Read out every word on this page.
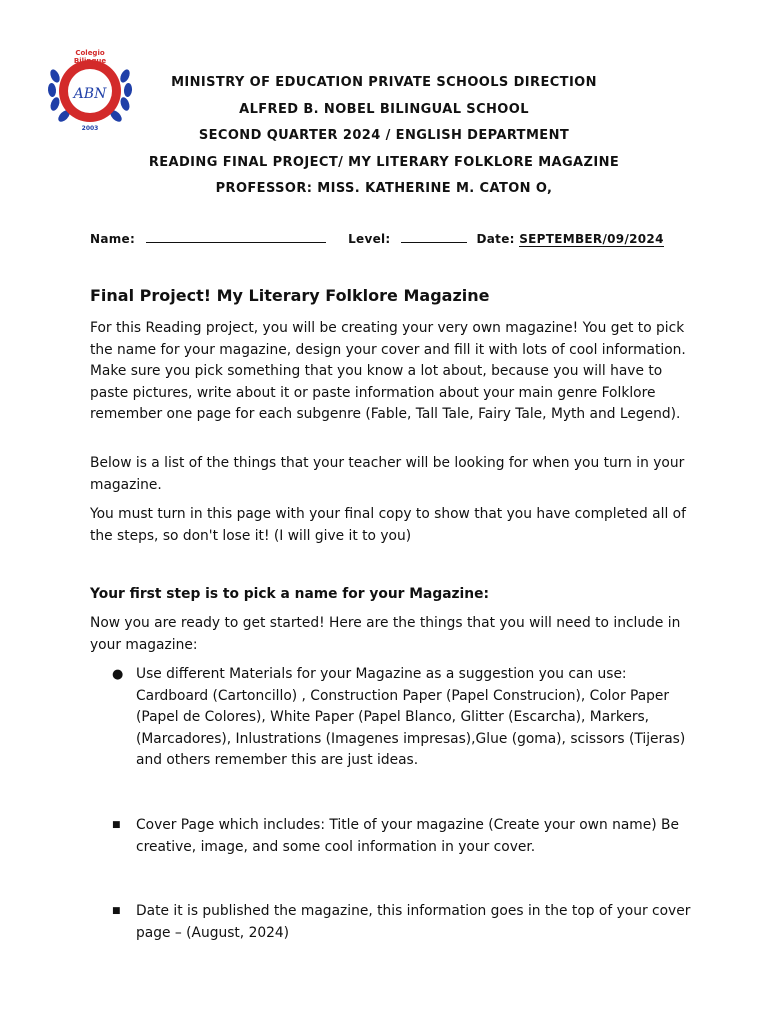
Colegio
Bilingue
ABN
2003
MINISTRY OF EDUCATION PRIVATE SCHOOLS DIRECTION
ALFRED B. NOBEL BILINGUAL SCHOOL
SECOND QUARTER 2024 / ENGLISH DEPARTMENT
READING FINAL PROJECT/ MY LITERARY FOLKLORE MAGAZINE
PROFESSOR: MISS. KATHERINE M. CATON O,
Name:	Level:	Date: SEPTEMBER/09/2024
Final Project! My Literary Folklore Magazine

For this Reading project, you will be creating your very own magazine! You get to pick the name for your magazine, design your cover and fill it with lots of cool information. Make sure you pick something that you know a lot about, because you will have to paste pictures, write about it or paste information about your main genre Folklore remember one page for each subgenre (Fable, Tall Tale, Fairy Tale, Myth and Legend).

Below is a list of the things that your teacher will be looking for when you turn in your magazine.

You must turn in this page with your final copy to show that you have completed all of the steps, so don't lose it! (I will give it to you)

Your first step is to pick a name for your Magazine:

Now you are ready to get started! Here are the things that you will need to include in your magazine:

● Use different Materials for your Magazine as a suggestion you can use: Cardboard (Cartoncillo) , Construction Paper (Papel Construcion), Color Paper (Papel de Colores), White Paper (Papel Blanco, Glitter (Escarcha), Markers, (Marcadores), Inlustrations (Imagenes impresas),Glue (goma), scissors (Tijeras) and others remember this are just ideas.

■ Cover Page which includes: Title of your magazine (Create your own name) Be creative, image, and some cool information in your cover.

■ Date it is published the magazine, this information goes in the top of your cover page – (August, 2024)
